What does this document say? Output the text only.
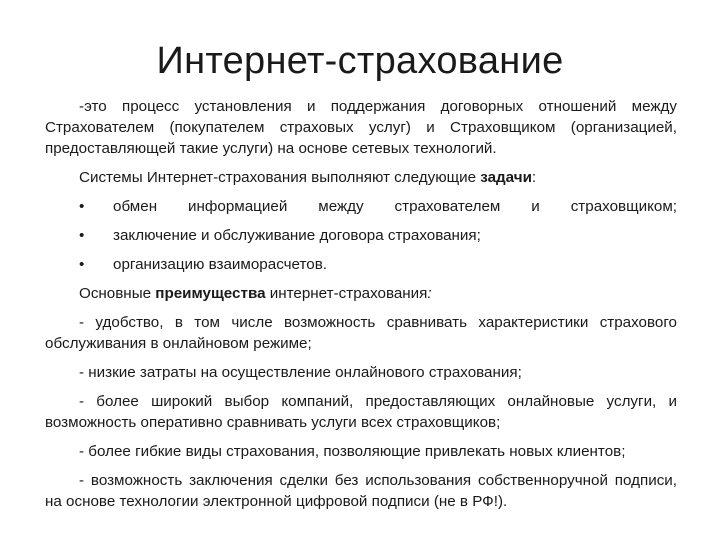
Интернет-страхование

-это процесс установления и поддержания договорных отношений между Страхователем (покупателем страховых услуг) и Страховщиком (организацией, предоставляющей такие услуги) на основе сетевых технологий.

Системы Интернет-страхования выполняют следующие задачи:

•	обмен информацией между страхователем и страховщиком;
•	заключение и обслуживание договора страхования;
•	организацию взаиморасчетов.

Основные преимущества интернет-страхования:

- удобство, в том числе возможность сравнивать характеристики страхового обслуживания в онлайновом режиме;

- низкие затраты на осуществление онлайнового страхования;

- более широкий выбор компаний, предоставляющих онлайновые услуги, и возможность оперативно сравнивать услуги всех страховщиков;

- более гибкие виды страхования, позволяющие привлекать новых клиентов;

- возможность заключения сделки без использования собственноручной подписи, на основе технологии электронной цифровой подписи (не в РФ!).
